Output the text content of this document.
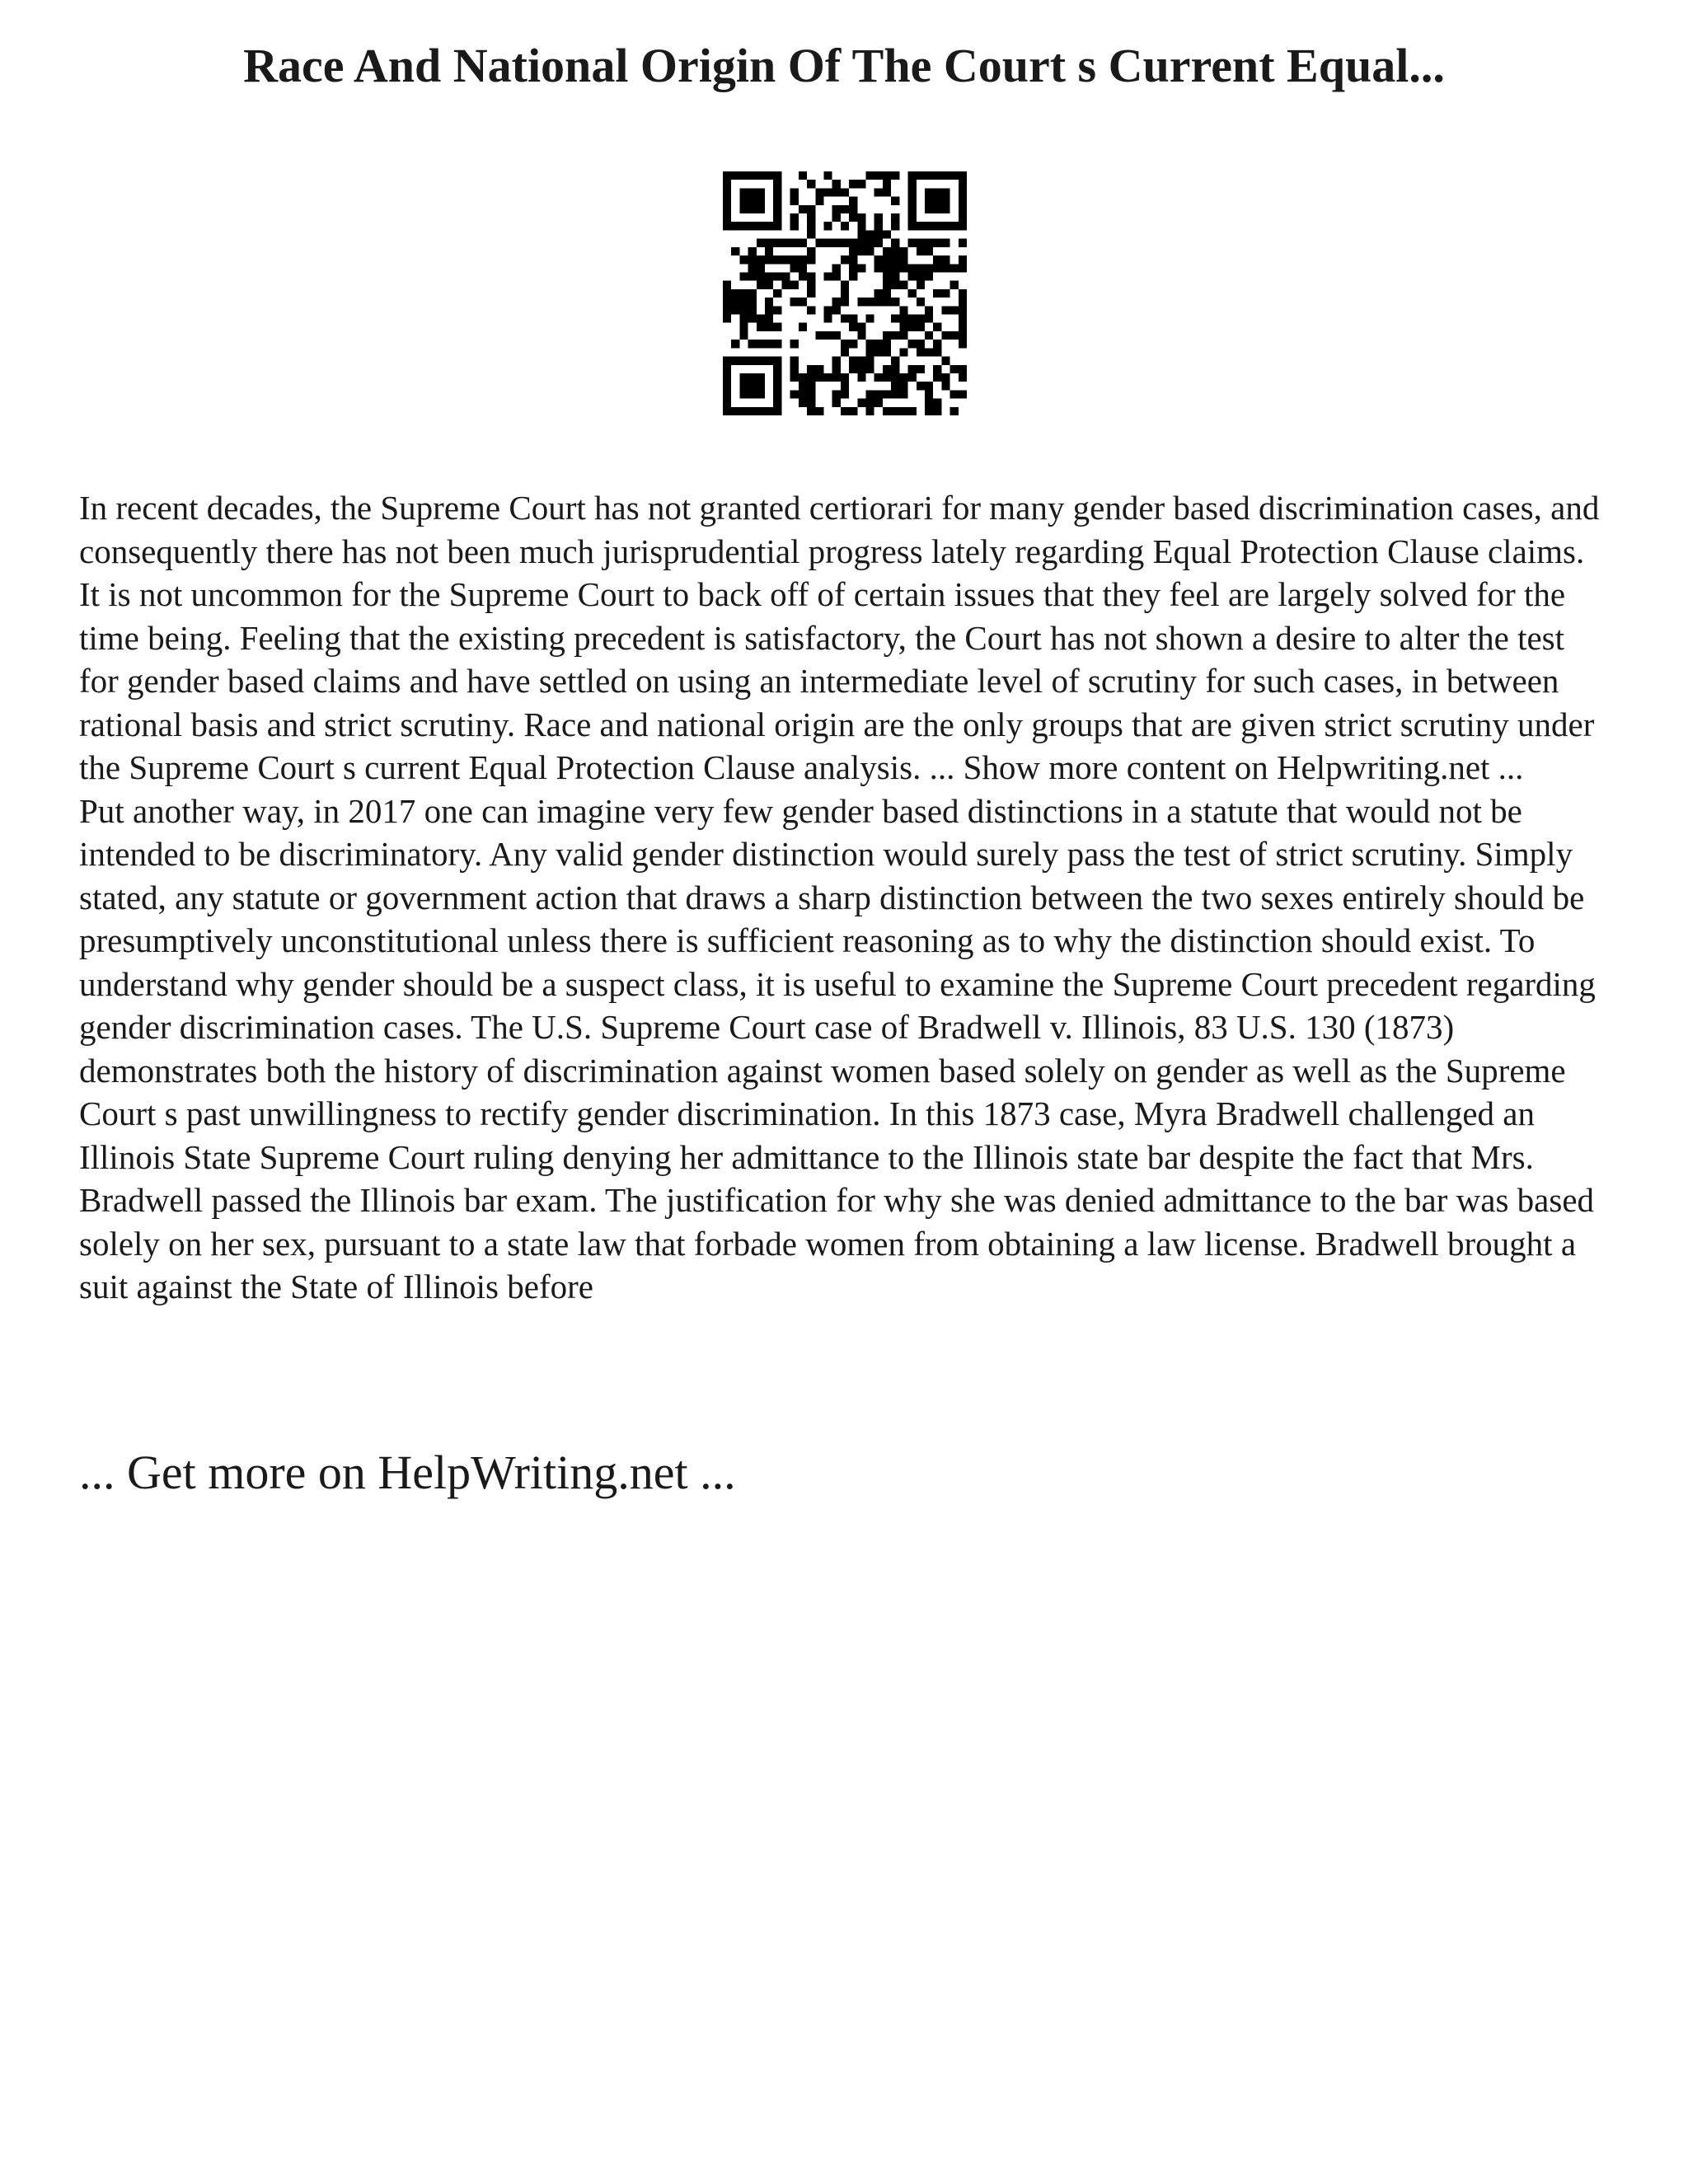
Race And National Origin Of The Court s Current Equal...

In recent decades, the Supreme Court has not granted certiorari for many gender based discrimination cases, and consequently there has not been much jurisprudential progress lately regarding Equal Protection Clause claims. It is not uncommon for the Supreme Court to back off of certain issues that they feel are largely solved for the time being. Feeling that the existing precedent is satisfactory, the Court has not shown a desire to alter the test for gender based claims and have settled on using an intermediate level of scrutiny for such cases, in between rational basis and strict scrutiny. Race and national origin are the only groups that are given strict scrutiny under the Supreme Court s current Equal Protection Clause analysis. ... Show more content on Helpwriting.net ...

Put another way, in 2017 one can imagine very few gender based distinctions in a statute that would not be intended to be discriminatory. Any valid gender distinction would surely pass the test of strict scrutiny. Simply stated, any statute or government action that draws a sharp distinction between the two sexes entirely should be presumptively unconstitutional unless there is sufficient reasoning as to why the distinction should exist. To understand why gender should be a suspect class, it is useful to examine the Supreme Court precedent regarding gender discrimination cases. The U.S. Supreme Court case of Bradwell v. Illinois, 83 U.S. 130 (1873) demonstrates both the history of discrimination against women based solely on gender as well as the Supreme Court s past unwillingness to rectify gender discrimination. In this 1873 case, Myra Bradwell challenged an Illinois State Supreme Court ruling denying her admittance to the Illinois state bar despite the fact that Mrs. Bradwell passed the Illinois bar exam. The justification for why she was denied admittance to the bar was based solely on her sex, pursuant to a state law that forbade women from obtaining a law license. Bradwell brought a suit against the State of Illinois before

... Get more on HelpWriting.net ...
